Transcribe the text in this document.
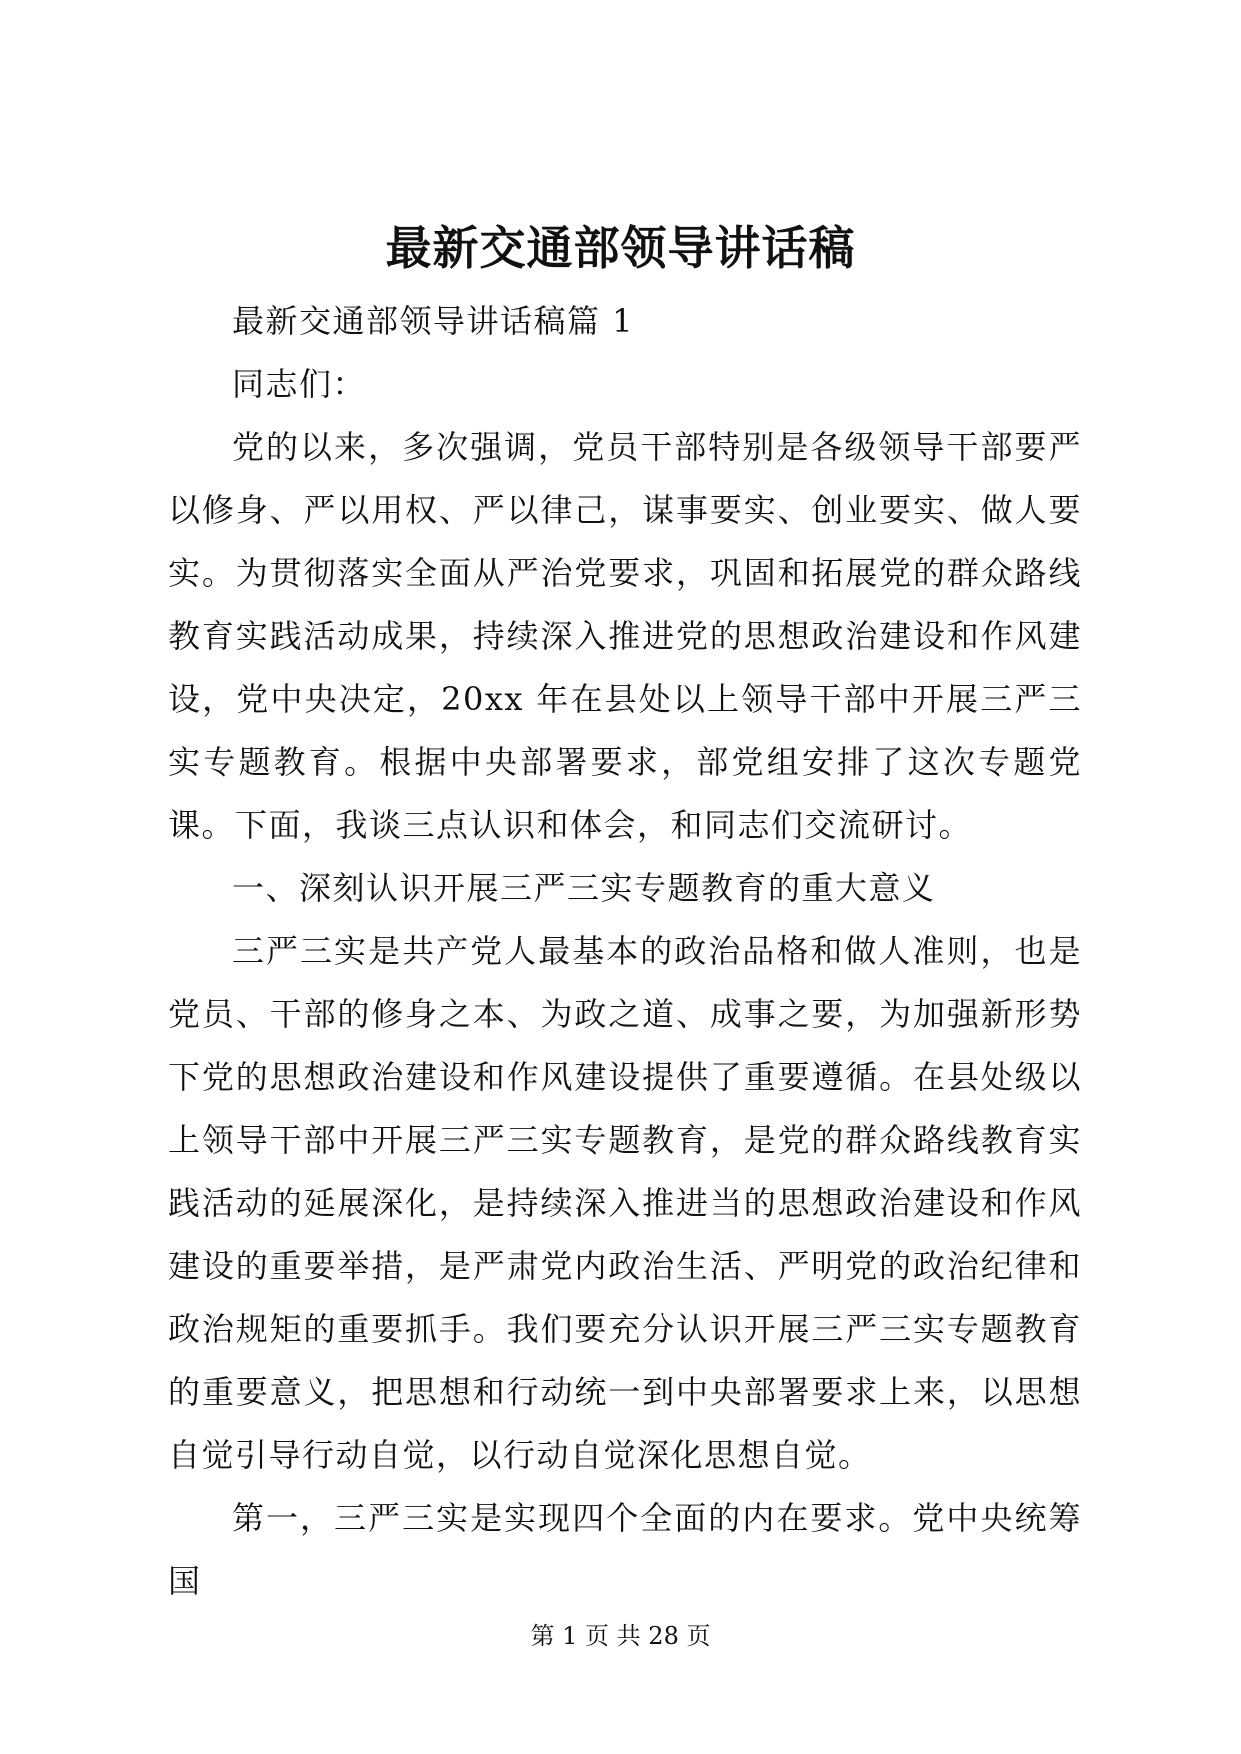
最新交通部领导讲话稿

最新交通部领导讲话稿篇 1

同志们：

党的以来，多次强调，党员干部特别是各级领导干部要严以修身、严以用权、严以律己，谋事要实、创业要实、做人要实。为贯彻落实全面从严治党要求，巩固和拓展党的群众路线教育实践活动成果，持续深入推进党的思想政治建设和作风建设，党中央决定，20xx 年在县处以上领导干部中开展三严三实专题教育。根据中央部署要求，部党组安排了这次专题党课。下面，我谈三点认识和体会，和同志们交流研讨。

一、深刻认识开展三严三实专题教育的重大意义

三严三实是共产党人最基本的政治品格和做人准则，也是党员、干部的修身之本、为政之道、成事之要，为加强新形势下党的思想政治建设和作风建设提供了重要遵循。在县处级以上领导干部中开展三严三实专题教育，是党的群众路线教育实践活动的延展深化，是持续深入推进当的思想政治建设和作风建设的重要举措，是严肃党内政治生活、严明党的政治纪律和政治规矩的重要抓手。我们要充分认识开展三严三实专题教育的重要意义，把思想和行动统一到中央部署要求上来，以思想自觉引导行动自觉，以行动自觉深化思想自觉。

第一，三严三实是实现四个全面的内在要求。党中央统筹国

第 1 页 共 28 页
